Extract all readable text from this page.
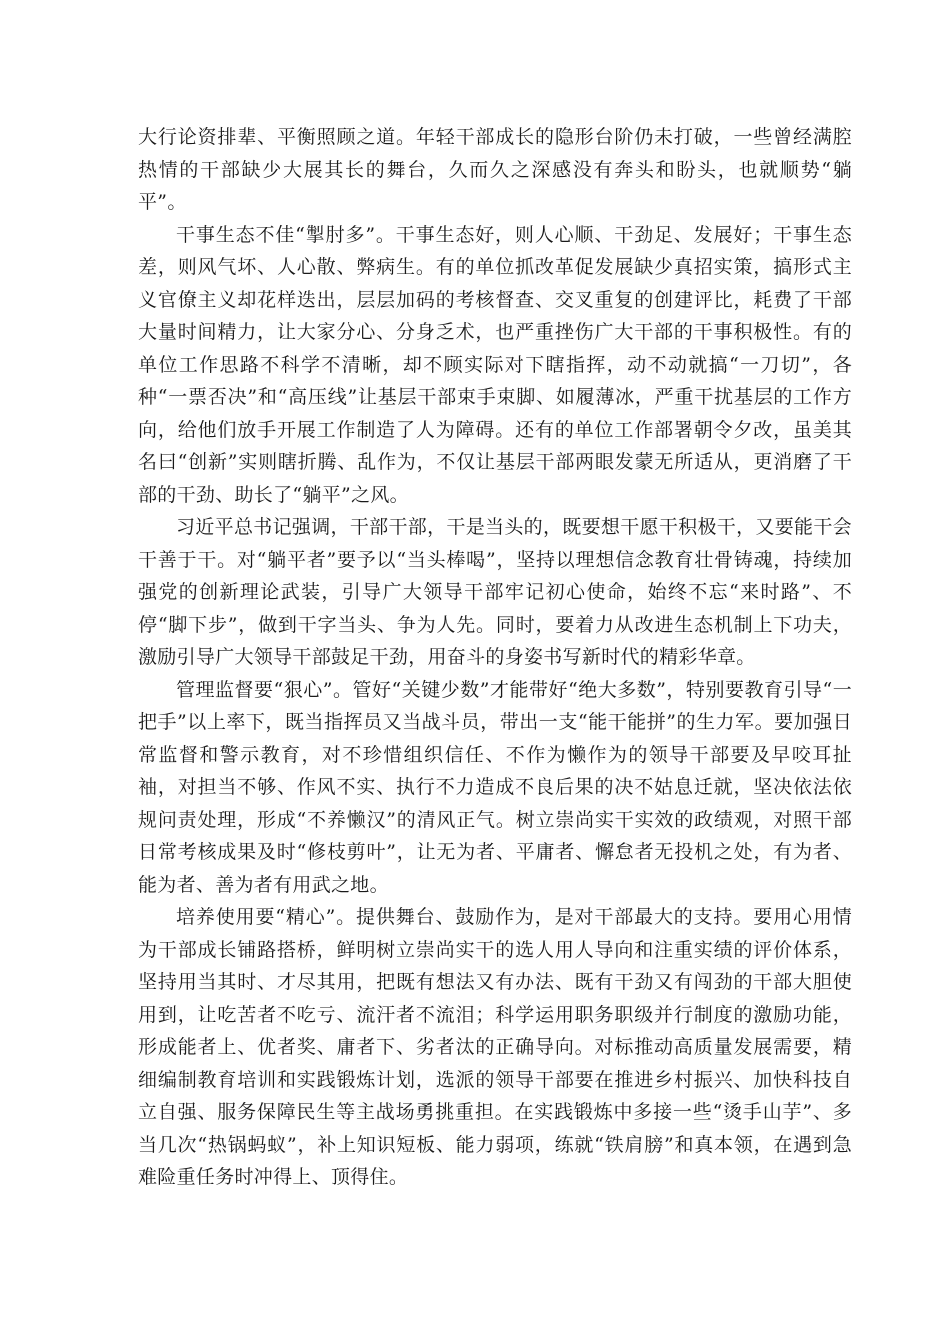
大行论资排辈、平衡照顾之道。年轻干部成长的隐形台阶仍未打破，一些曾经满腔热情的干部缺少大展其长的舞台，久而久之深感没有奔头和盼头，也就顺势“躺平”。

干事生态不佳“掣肘多”。干事生态好，则人心顺、干劲足、发展好；干事生态差，则风气坏、人心散、弊病生。有的单位抓改革促发展缺少真招实策，搞形式主义官僚主义却花样迭出，层层加码的考核督查、交叉重复的创建评比，耗费了干部大量时间精力，让大家分心、分身乏术，也严重挫伤广大干部的干事积极性。有的单位工作思路不科学不清晰，却不顾实际对下瞎指挥，动不动就搞“一刀切”，各种“一票否决”和“高压线”让基层干部束手束脚、如履薄冰，严重干扰基层的工作方向，给他们放手开展工作制造了人为障碍。还有的单位工作部署朝令夕改，虽美其名曰“创新”实则瞎折腾、乱作为，不仅让基层干部两眼发蒙无所适从，更消磨了干部的干劲、助长了“躺平”之风。

习近平总书记强调，干部干部，干是当头的，既要想干愿干积极干，又要能干会干善于干。对“躺平者”要予以“当头棒喝”，坚持以理想信念教育壮骨铸魂，持续加强党的创新理论武装，引导广大领导干部牢记初心使命，始终不忘“来时路”、不停“脚下步”，做到干字当头、争为人先。同时，要着力从改进生态机制上下功夫，激励引导广大领导干部鼓足干劲，用奋斗的身姿书写新时代的精彩华章。

管理监督要“狠心”。管好“关键少数”才能带好“绝大多数”，特别要教育引导“一把手”以上率下，既当指挥员又当战斗员，带出一支“能干能拼”的生力军。要加强日常监督和警示教育，对不珍惜组织信任、不作为懒作为的领导干部要及早咬耳扯袖，对担当不够、作风不实、执行不力造成不良后果的决不姑息迁就，坚决依法依规问责处理，形成“不养懒汉”的清风正气。树立崇尚实干实效的政绩观，对照干部日常考核成果及时“修枝剪叶”，让无为者、平庸者、懈怠者无投机之处，有为者、能为者、善为者有用武之地。

培养使用要“精心”。提供舞台、鼓励作为，是对干部最大的支持。要用心用情为干部成长铺路搭桥，鲜明树立崇尚实干的选人用人导向和注重实绩的评价体系，坚持用当其时、才尽其用，把既有想法又有办法、既有干劲又有闯劲的干部大胆使用到，让吃苦者不吃亏、流汗者不流泪；科学运用职务职级并行制度的激励功能，形成能者上、优者奖、庸者下、劣者汰的正确导向。对标推动高质量发展需要，精细编制教育培训和实践锻炼计划，选派的领导干部要在推进乡村振兴、加快科技自立自强、服务保障民生等主战场勇挑重担。在实践锻炼中多接一些“烫手山芋”、多当几次“热锅蚂蚁”，补上知识短板、能力弱项，练就“铁肩膀”和真本领，在遇到急难险重任务时冲得上、顶得住。
